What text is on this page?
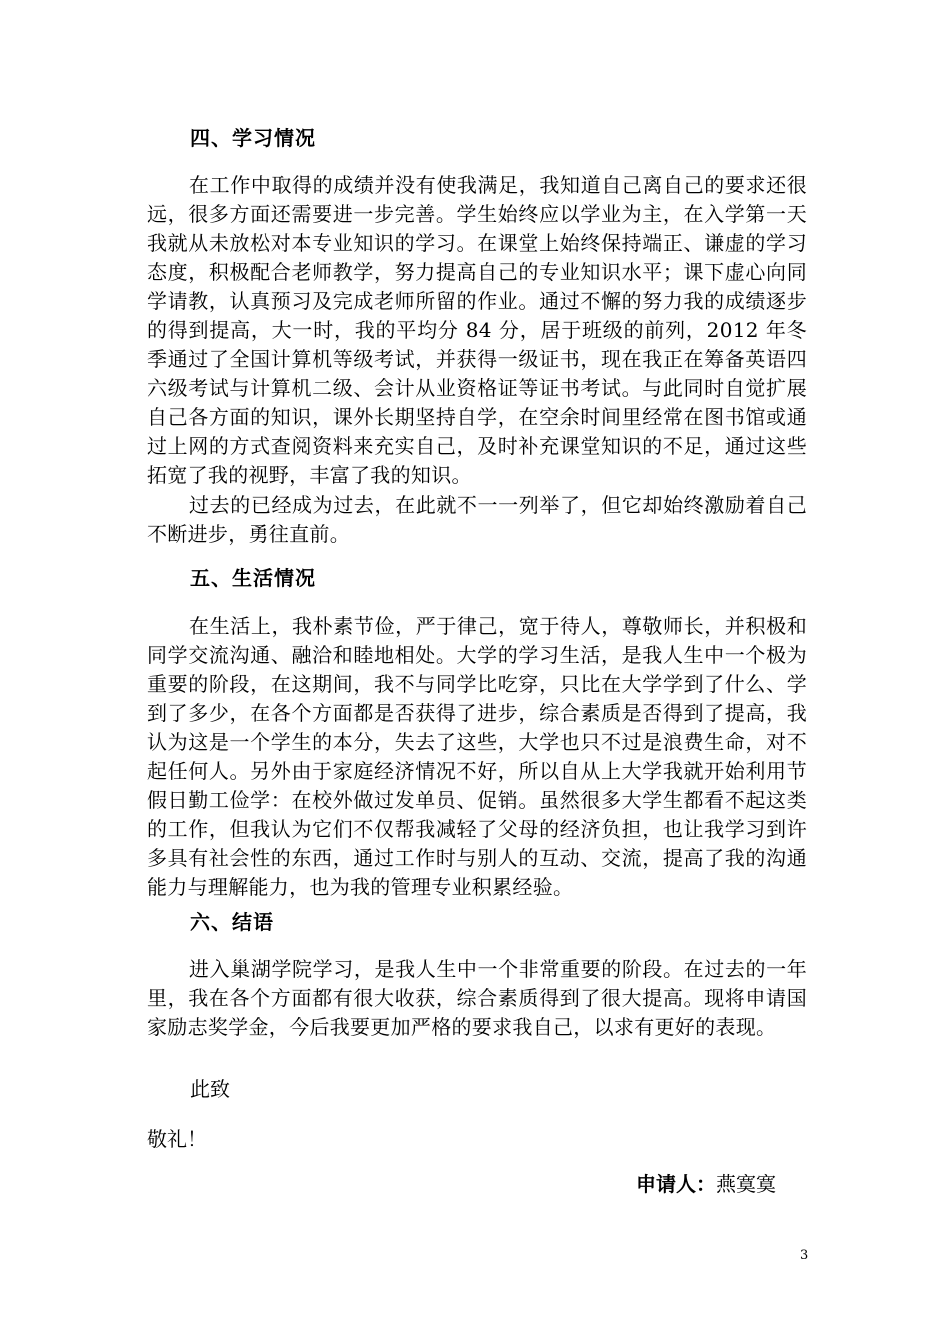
四、学习情况
在工作中取得的成绩并没有使我满足，我知道自己离自己的要求还很远，很多方面还需要进一步完善。学生始终应以学业为主，在入学第一天我就从未放松对本专业知识的学习。在课堂上始终保持端正、谦虚的学习态度，积极配合老师教学，努力提高自己的专业知识水平；课下虚心向同学请教，认真预习及完成老师所留的作业。通过不懈的努力我的成绩逐步的得到提高，大一时，我的平均分 84 分，居于班级的前列，2012 年冬季通过了全国计算机等级考试，并获得一级证书，现在我正在筹备英语四六级考试与计算机二级、会计从业资格证等证书考试。与此同时自觉扩展自己各方面的知识，课外长期坚持自学，在空余时间里经常在图书馆或通过上网的方式查阅资料来充实自己，及时补充课堂知识的不足，通过这些拓宽了我的视野，丰富了我的知识。
过去的已经成为过去，在此就不一一列举了，但它却始终激励着自己不断进步，勇往直前。
五、生活情况
在生活上，我朴素节俭，严于律己，宽于待人，尊敬师长，并积极和同学交流沟通、融洽和睦地相处。大学的学习生活，是我人生中一个极为重要的阶段，在这期间，我不与同学比吃穿，只比在大学学到了什么、学到了多少，在各个方面都是否获得了进步，综合素质是否得到了提高，我认为这是一个学生的本分，失去了这些，大学也只不过是浪费生命，对不起任何人。另外由于家庭经济情况不好，所以自从上大学我就开始利用节假日勤工俭学：在校外做过发单员、促销。虽然很多大学生都看不起这类的工作，但我认为它们不仅帮我减轻了父母的经济负担，也让我学习到许多具有社会性的东西，通过工作时与别人的互动、交流，提高了我的沟通能力与理解能力，也为我的管理专业积累经验。
六、结语
进入巢湖学院学习，是我人生中一个非常重要的阶段。在过去的一年里，我在各个方面都有很大收获，综合素质得到了很大提高。现将申请国家励志奖学金，今后我要更加严格的要求我自己，以求有更好的表现。
此致
敬礼！
申请人：燕寞寞
3
